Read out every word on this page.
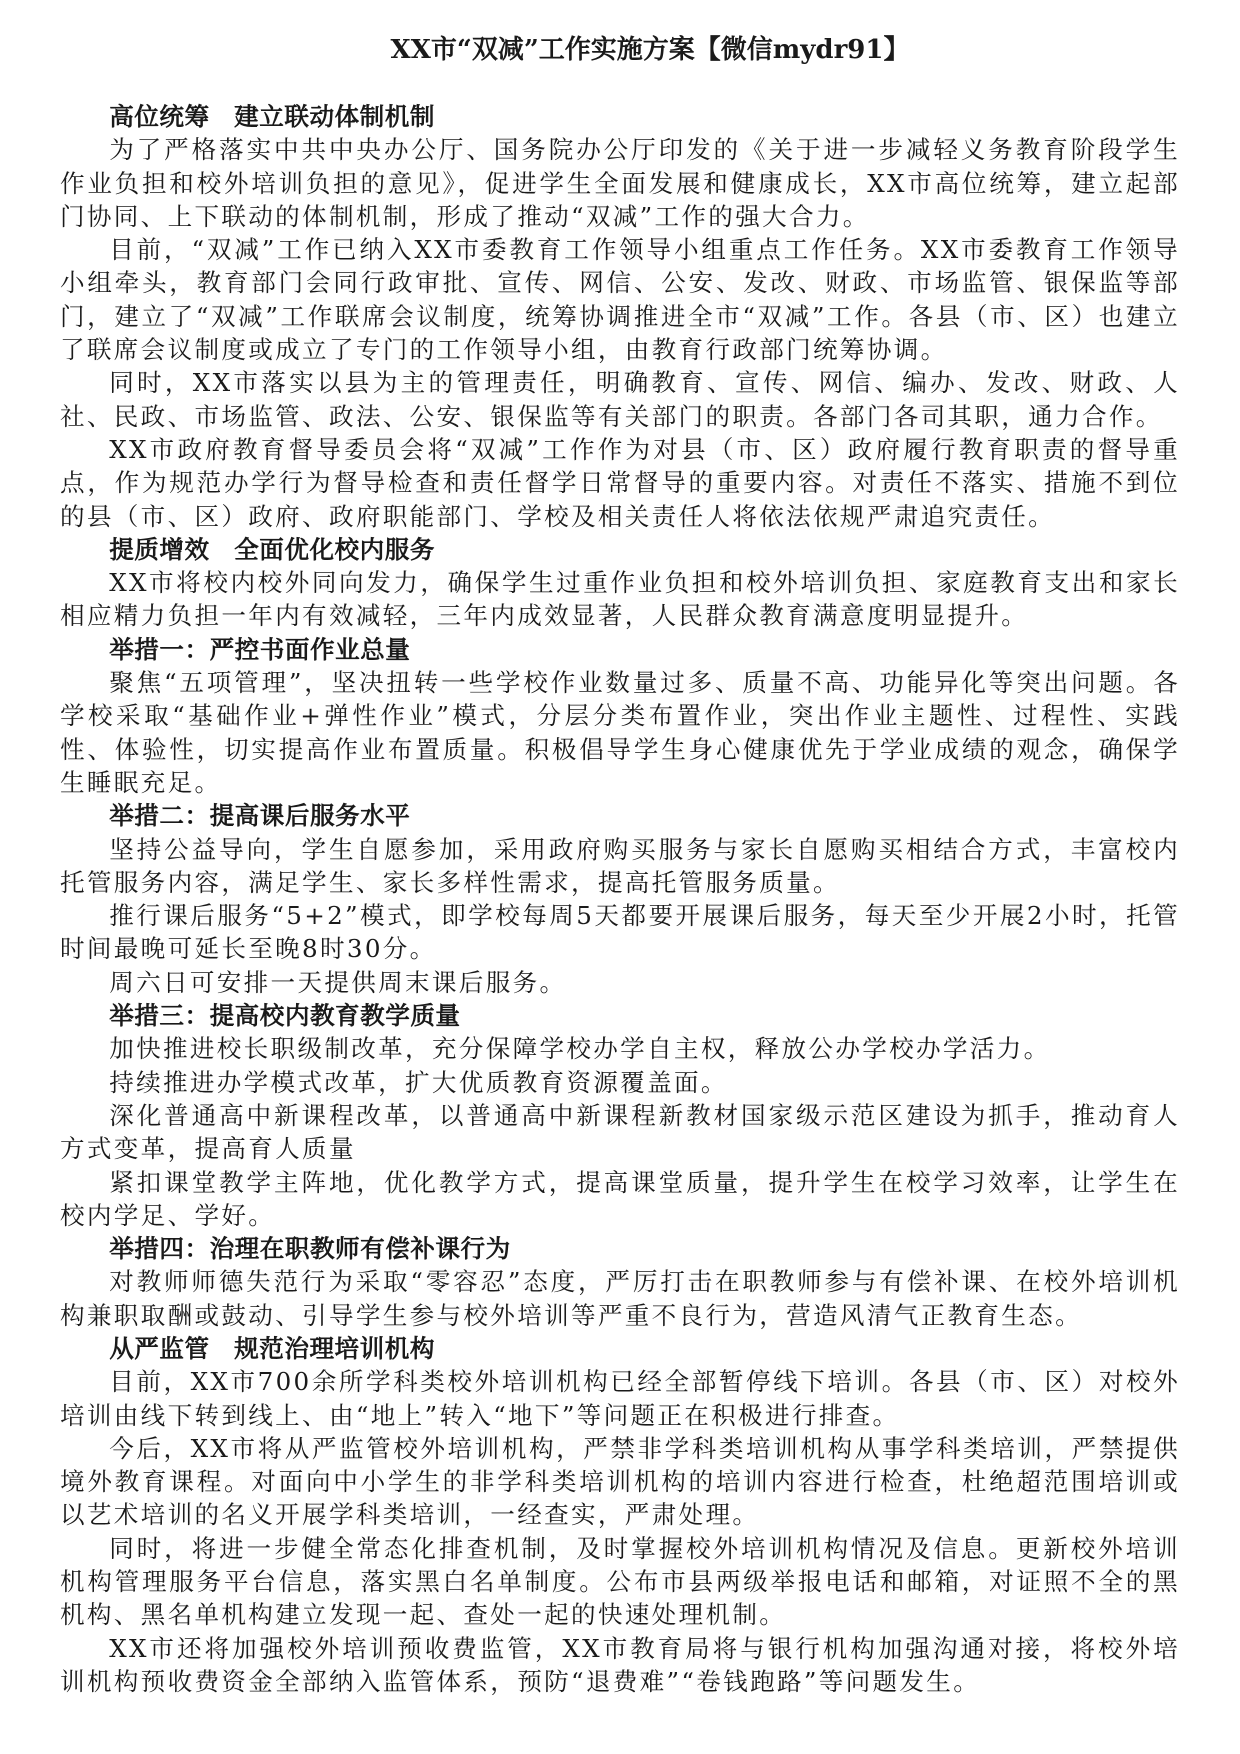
XX市“双减”工作实施方案【微信mydr91】
高位统筹 建立联动体制机制

为了严格落实中共中央办公厅、国务院办公厅印发的《关于进一步减轻义务教育阶段学生作业负担和校外培训负担的意见》，促进学生全面发展和健康成长，XX市高位统筹，建立起部门协同、上下联动的体制机制，形成了推动“双减”工作的强大合力。

目前，“双减”工作已纳入XX市委教育工作领导小组重点工作任务。XX市委教育工作领导小组牵头，教育部门会同行政审批、宣传、网信、公安、发改、财政、市场监管、银保监等部门，建立了“双减”工作联席会议制度，统筹协调推进全市“双减”工作。各县（市、区）也建立了联席会议制度或成立了专门的工作领导小组，由教育行政部门统筹协调。

同时，XX市落实以县为主的管理责任，明确教育、宣传、网信、编办、发改、财政、人社、民政、市场监管、政法、公安、银保监等有关部门的职责。各部门各司其职，通力合作。

XX市政府教育督导委员会将“双减”工作作为对县（市、区）政府履行教育职责的督导重点，作为规范办学行为督导检查和责任督学日常督导的重要内容。对责任不落实、措施不到位的县（市、区）政府、政府职能部门、学校及相关责任人将依法依规严肃追究责任。

提质增效 全面优化校内服务

XX市将校内校外同向发力，确保学生过重作业负担和校外培训负担、家庭教育支出和家长相应精力负担一年内有效减轻，三年内成效显著，人民群众教育满意度明显提升。

举措一：严控书面作业总量

聚焦“五项管理”，坚决扭转一些学校作业数量过多、质量不高、功能异化等突出问题。各学校采取“基础作业+弹性作业”模式，分层分类布置作业，突出作业主题性、过程性、实践性、体验性，切实提高作业布置质量。积极倡导学生身心健康优先于学业成绩的观念，确保学生睡眠充足。

举措二：提高课后服务水平

坚持公益导向，学生自愿参加，采用政府购买服务与家长自愿购买相结合方式，丰富校内托管服务内容，满足学生、家长多样性需求，提高托管服务质量。

推行课后服务“5+2”模式，即学校每周5天都要开展课后服务，每天至少开展2小时，托管时间最晚可延长至晚8时30分。

周六日可安排一天提供周末课后服务。

举措三：提高校内教育教学质量

加快推进校长职级制改革，充分保障学校办学自主权，释放公办学校办学活力。

持续推进办学模式改革，扩大优质教育资源覆盖面。

深化普通高中新课程改革，以普通高中新课程新教材国家级示范区建设为抓手，推动育人方式变革，提高育人质量

紧扣课堂教学主阵地，优化教学方式，提高课堂质量，提升学生在校学习效率，让学生在校内学足、学好。

举措四：治理在职教师有偿补课行为

对教师师德失范行为采取“零容忍”态度，严厉打击在职教师参与有偿补课、在校外培训机构兼职取酬或鼓动、引导学生参与校外培训等严重不良行为，营造风清气正教育生态。

从严监管 规范治理培训机构

目前，XX市700余所学科类校外培训机构已经全部暂停线下培训。各县（市、区）对校外培训由线下转到线上、由“地上”转入“地下”等问题正在积极进行排查。

今后，XX市将从严监管校外培训机构，严禁非学科类培训机构从事学科类培训，严禁提供境外教育课程。对面向中小学生的非学科类培训机构的培训内容进行检查，杜绝超范围培训或以艺术培训的名义开展学科类培训，一经查实，严肃处理。

同时，将进一步健全常态化排查机制，及时掌握校外培训机构情况及信息。更新校外培训机构管理服务平台信息，落实黑白名单制度。公布市县两级举报电话和邮箱，对证照不全的黑机构、黑名单机构建立发现一起、查处一起的快速处理机制。

XX市还将加强校外培训预收费监管，XX市教育局将与银行机构加强沟通对接，将校外培训机构预收费资金全部纳入监管体系，预防“退费难”“卷钱跑路”等问题发生。
